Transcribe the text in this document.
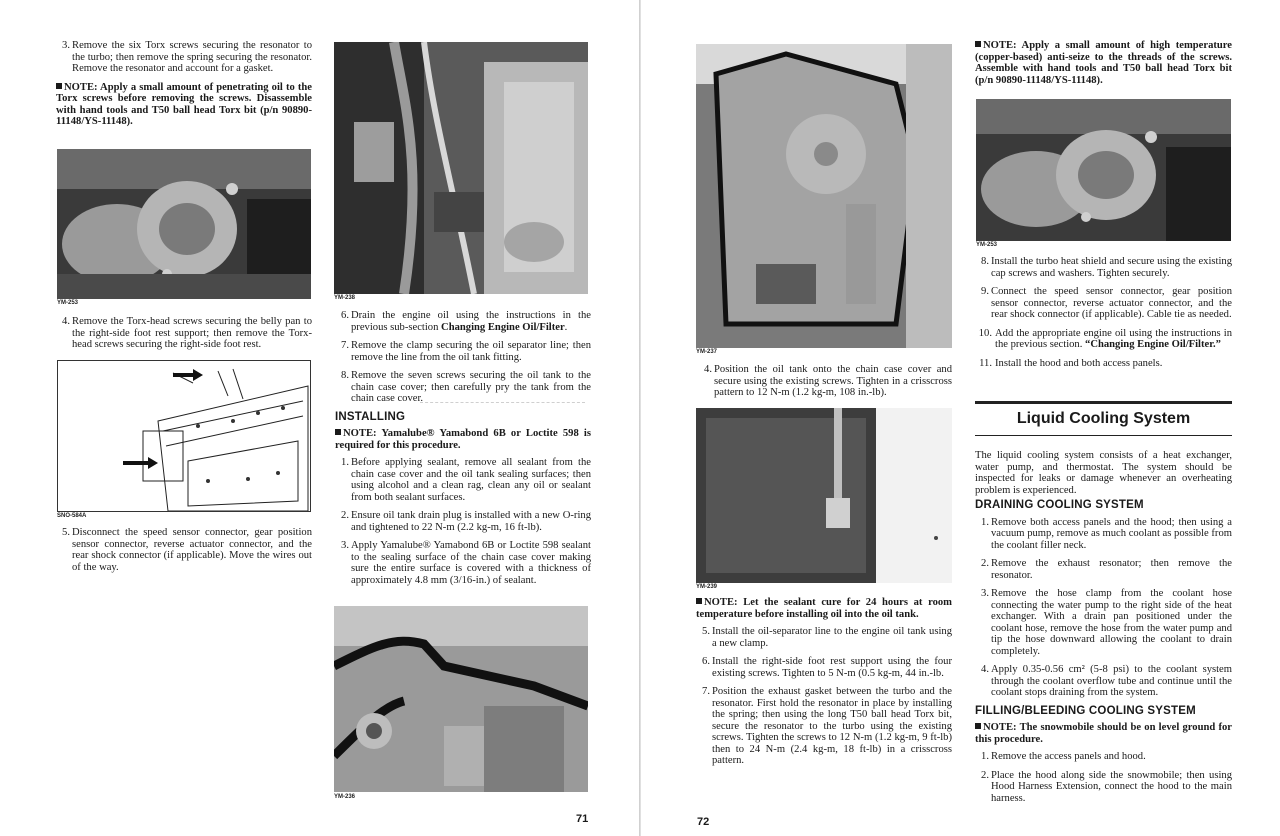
3. Remove the six Torx screws securing the resonator to the turbo; then remove the spring securing the resonator. Remove the resonator and account for a gasket.

NOTE: Apply a small amount of penetrating oil to the Torx screws before removing the screws. Disassemble with hand tools and T50 ball head Torx bit (p/n 90890-11148/YS-11148).
YM-253
4. Remove the Torx-head screws securing the belly pan to the right-side foot rest support; then remove the Torx-head screws securing the right-side foot rest.

SNO-584A
5. Disconnect the speed sensor connector, gear position sensor connector, reverse actuator connector, and the rear shock connector (if applicable). Move the wires out of the way.

YM-238
6. Drain the engine oil using the instructions in the previous sub-section Changing Engine Oil/Filter.

7. Remove the clamp securing the oil separator line; then remove the line from the oil tank fitting.

8. Remove the seven screws securing the oil tank to the chain case cover; then carefully pry the tank from the chain case cover.

INSTALLING
NOTE: Yamalube® Yamabond 6B or Loctite 598 is required for this procedure.
1. Before applying sealant, remove all sealant from the chain case cover and the oil tank sealing surfaces; then using alcohol and a clean rag, clean any oil or sealant from both sealant surfaces.

2. Ensure oil tank drain plug is installed with a new O-ring and tightened to 22 N-m (2.2 kg-m, 16 ft-lb).

3. Apply Yamalube® Yamabond 6B or Loctite 598 sealant to the sealing surface of the chain case cover making sure the entire surface is covered with a thickness of approximately 4.8 mm (3/16-in.) of sealant.

YM-236
71
YM-237
4. Position the oil tank onto the chain case cover and secure using the existing screws. Tighten in a crisscross pattern to 12 N-m (1.2 kg-m, 108 in.-lb).

YM-239
NOTE: Let the sealant cure for 24 hours at room temperature before installing oil into the oil tank.
5. Install the oil-separator line to the engine oil tank using a new clamp.

6. Install the right-side foot rest support using the four existing screws. Tighten to 5 N-m (0.5 kg-m, 44 in.-lb.

7. Position the exhaust gasket between the turbo and the resonator. First hold the resonator in place by installing the spring; then using the long T50 ball head Torx bit, secure the resonator to the turbo using the existing screws. Tighten the screws to 12 N-m (1.2 kg-m, 9 ft-lb) then to 24 N-m (2.4 kg-m, 18 ft-lb) in a crisscross pattern.

NOTE: Apply a small amount of high temperature (copper-based) anti-seize to the threads of the screws. Assemble with hand tools and T50 ball head Torx bit (p/n 90890-11148/YS-11148).
YM-253
8. Install the turbo heat shield and secure using the existing cap screws and washers. Tighten securely.

9. Connect the speed sensor connector, gear position sensor connector, reverse actuator connector, and the rear shock connector (if applicable). Cable tie as needed.

10. Add the appropriate engine oil using the instructions in the previous section. “Changing Engine Oil/Filter.”

11. Install the hood and both access panels.

Liquid Cooling System

The liquid cooling system consists of a heat exchanger, water pump, and thermostat. The system should be inspected for leaks or damage whenever an overheating problem is experienced.

DRAINING COOLING SYSTEM
1. Remove both access panels and the hood; then using a vacuum pump, remove as much coolant as possible from the coolant filler neck.

2. Remove the exhaust resonator; then remove the resonator.

3. Remove the hose clamp from the coolant hose connecting the water pump to the right side of the heat exchanger. With a drain pan positioned under the coolant hose, remove the hose from the water pump and tip the hose downward allowing the coolant to drain completely.

4. Apply 0.35-0.56 cm² (5-8 psi) to the coolant system through the coolant overflow tube and continue until the coolant stops draining from the system.

FILLING/BLEEDING COOLING SYSTEM
NOTE: The snowmobile should be on level ground for this procedure.
1. Remove the access panels and hood.

2. Place the hood along side the snowmobile; then using Hood Harness Extension, connect the hood to the main harness.

72
